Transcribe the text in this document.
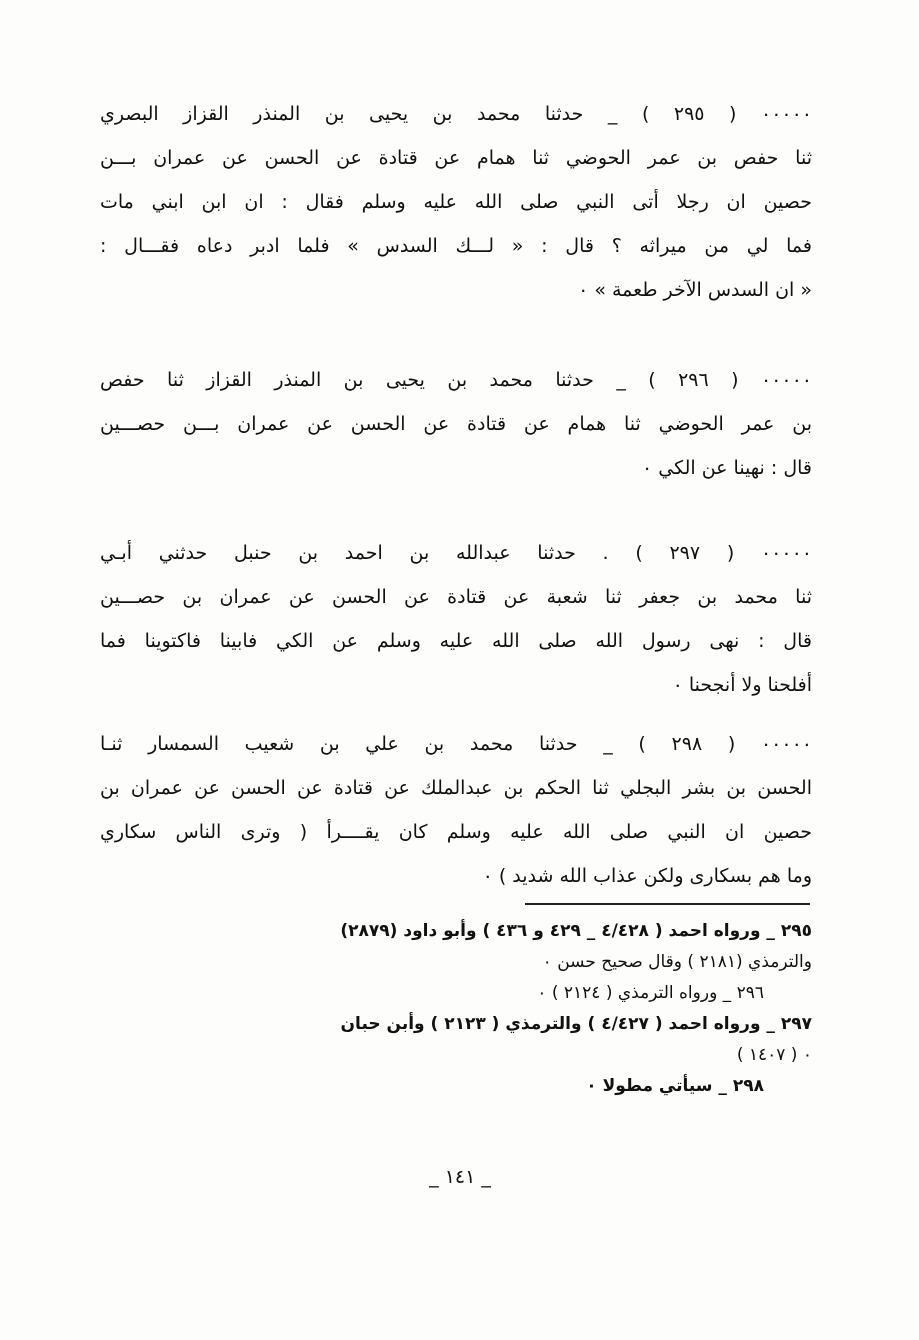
٠٠٠٠٠ ( ٢٩٥ ) _ حدثنا محمد بن يحيى بن المنذر القزاز البصري
ثنا حفص بن عمر الحوضي ثنا همام عن قتادة عن الحسن عن عمران بـــن
حصين ان رجلا أتى النبي صلى الله عليه وسلم فقال : ان ابن ابني مات
فما لي من ميراثه ؟ قال : « لـــك السدس » فلما ادبر دعاه فقـــال :
« ان السدس الآخر طعمة » ٠
٠٠٠٠٠ ( ٢٩٦ ) _ حدثنا محمد بن يحيى بن المنذر القزاز ثنا حفص
بن عمر الحوضي ثنا همام عن قتادة عن الحسن عن عمران بـــن حصـــين
قال : نهينا عن الكي ٠
٠٠٠٠٠ ( ٢٩٧ ) . حدثنا عبدالله بن احمد بن حنبل حدثني أبـي
ثنا محمد بن جعفر ثنا شعبة عن قتادة عن الحسن عن عمران بن حصـــين
قال : نهى رسول الله صلى الله عليه وسلم عن الكي فابينا فاكتوينا فما
أفلحنا ولا أنجحنا ٠
٠٠٠٠٠ ( ٢٩٨ ) _ حدثنا محمد بن علي بن شعيب السمسار ثنـا
الحسن بن بشر البجلي ثنا الحكم بن عبدالملك عن قتادة عن الحسن عن عمران بن
حصين ان النبي صلى الله عليه وسلم كان يقــــرأ ( وترى الناس سكاري
وما هم بسكارى ولكن عذاب الله شديد ) ٠
٢٩٥ _ ورواه احمد ( ٤/٤٢٨ _ ٤٢٩ و ٤٣٦ ) وأبو داود (٢٨٧٩)
والترمذي (٢١٨١ ) وقال صحيح حسن ٠
٢٩٦ _ ورواه الترمذي ( ٢١٢٤ ) ٠
٢٩٧ _ ورواه احمد ( ٤/٤٢٧ ) والترمذي ( ٢١٢٣ ) وأبن حبان
( ١٤٠٧ ) ٠
٢٩٨ _ سيأتي مطولا ٠
_ ١٤١ _
